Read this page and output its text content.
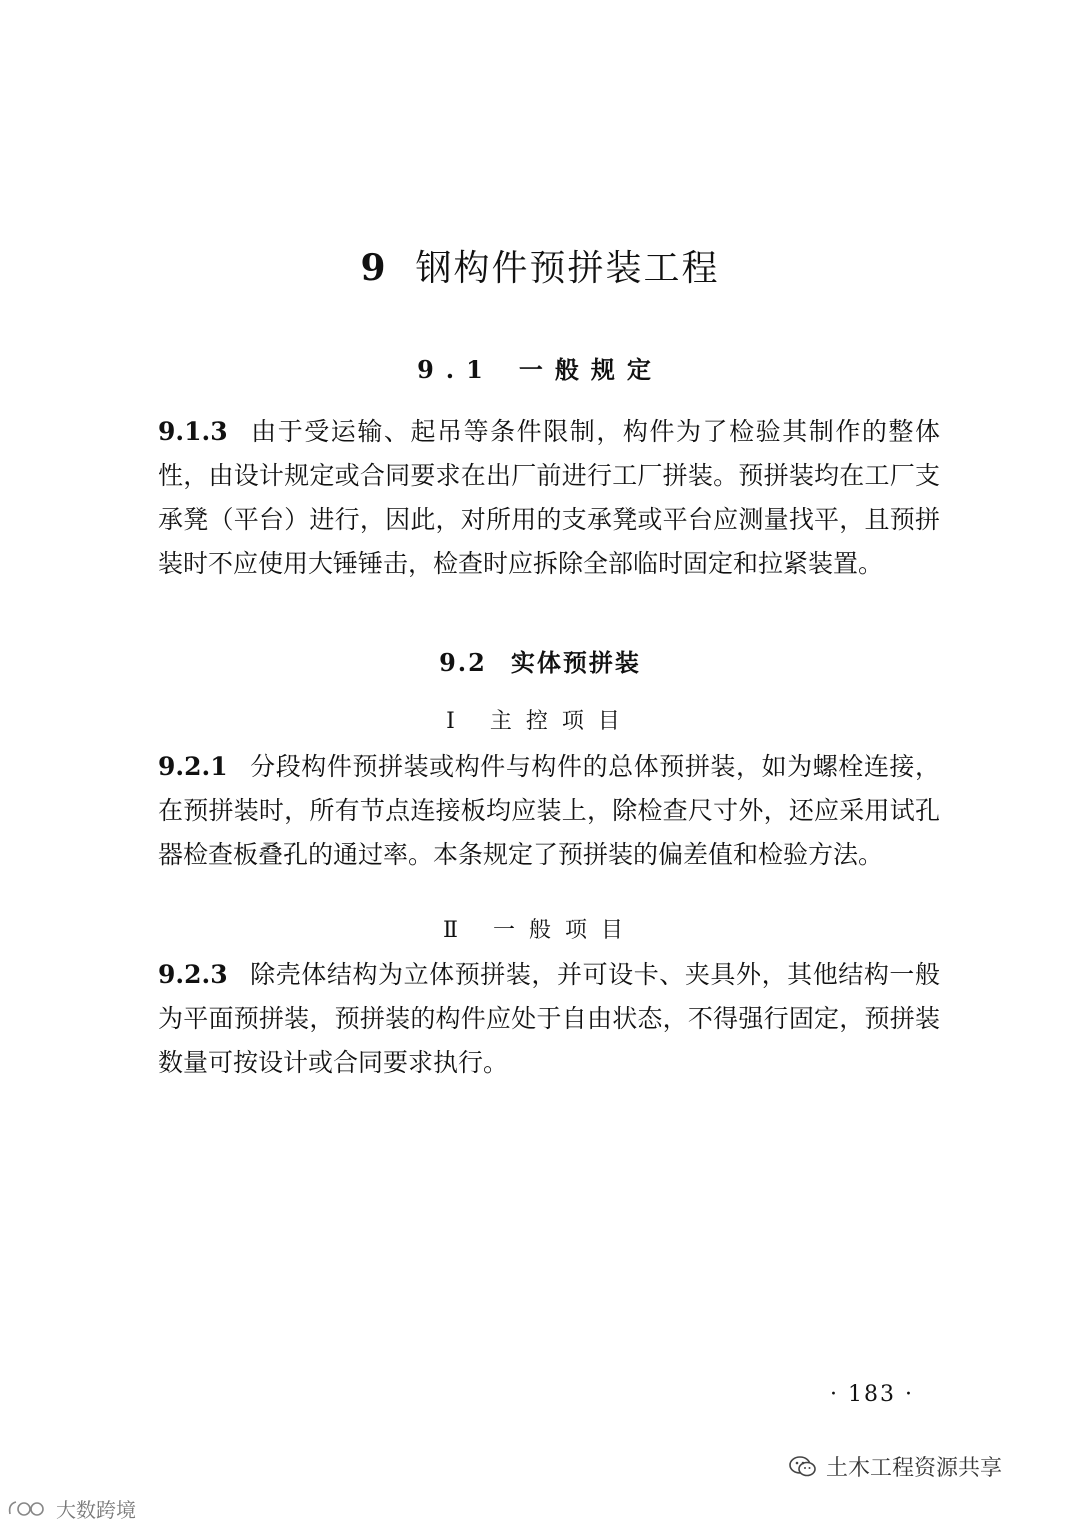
9 钢构件预拼装工程
9.1 一般规定
9.1.3 由于受运输、起吊等条件限制，构件为了检验其制作的整体性，由设计规定或合同要求在出厂前进行工厂拼装。预拼装均在工厂支承凳（平台）进行，因此，对所用的支承凳或平台应测量找平，且预拼装时不应使用大锤锤击，检查时应拆除全部临时固定和拉紧装置。
9.2 实体预拼装
Ⅰ 主控项目
9.2.1 分段构件预拼装或构件与构件的总体预拼装，如为螺栓连接，在预拼装时，所有节点连接板均应装上，除检查尺寸外，还应采用试孔器检查板叠孔的通过率。本条规定了预拼装的偏差值和检验方法。
Ⅱ 一般项目
9.2.3 除壳体结构为立体预拼装，并可设卡、夹具外，其他结构一般为平面预拼装，预拼装的构件应处于自由状态，不得强行固定，预拼装数量可按设计或合同要求执行。
· 183 ·
土木工程资源共享
大数跨境
